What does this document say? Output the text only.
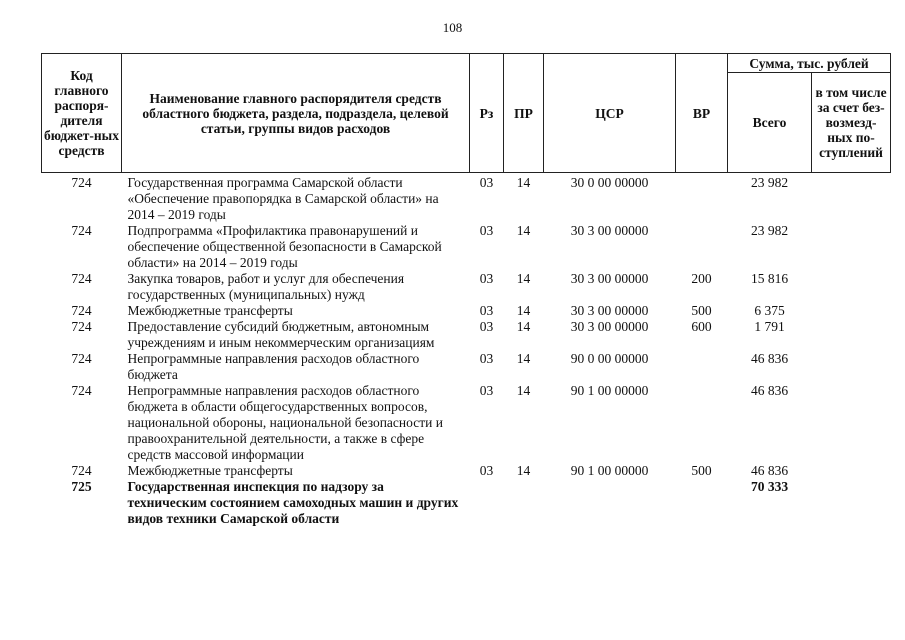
108
Код главного распоря-дителя бюджет-ных средств	Наименование главного распорядителя средств областного бюджета, раздела, подраздела, целевой статьи, группы видов расходов	Рз	ПР	ЦСР	ВР	Сумма, тыс. рублей	
						Всего	в том числе за счет без-возмезд-ных по-ступлений
724	Государственная программа Самарской области «Обеспечение правопорядка в Самарской области» на 2014 – 2019 годы	03	14	30 0 00 00000		23 982	
724	Подпрограмма «Профилактика правонарушений и обеспечение общественной безопасности в Самарской области» на 2014 – 2019 годы	03	14	30 3 00 00000		23 982	
724	Закупка товаров, работ и услуг для обеспечения государственных (муниципальных) нужд	03	14	30 3 00 00000	200	15 816	
724	Межбюджетные трансферты	03	14	30 3 00 00000	500	6 375	
724	Предоставление субсидий бюджетным, автономным учреждениям и иным некоммерческим организациям	03	14	30 3 00 00000	600	1 791	
724	Непрограммные направления расходов областного бюджета	03	14	90 0 00 00000		46 836	
724	Непрограммные направления расходов областного бюджета в области общегосударственных вопросов, национальной обороны, национальной безопасности и правоохранительной деятельности, а также в сфере средств массовой информации	03	14	90 1 00 00000		46 836	
724	Межбюджетные трансферты	03	14	90 1 00 00000	500	46 836	
725	Государственная инспекция по надзору за техническим состоянием самоходных машин и других видов техники Самарской области					70 333	
